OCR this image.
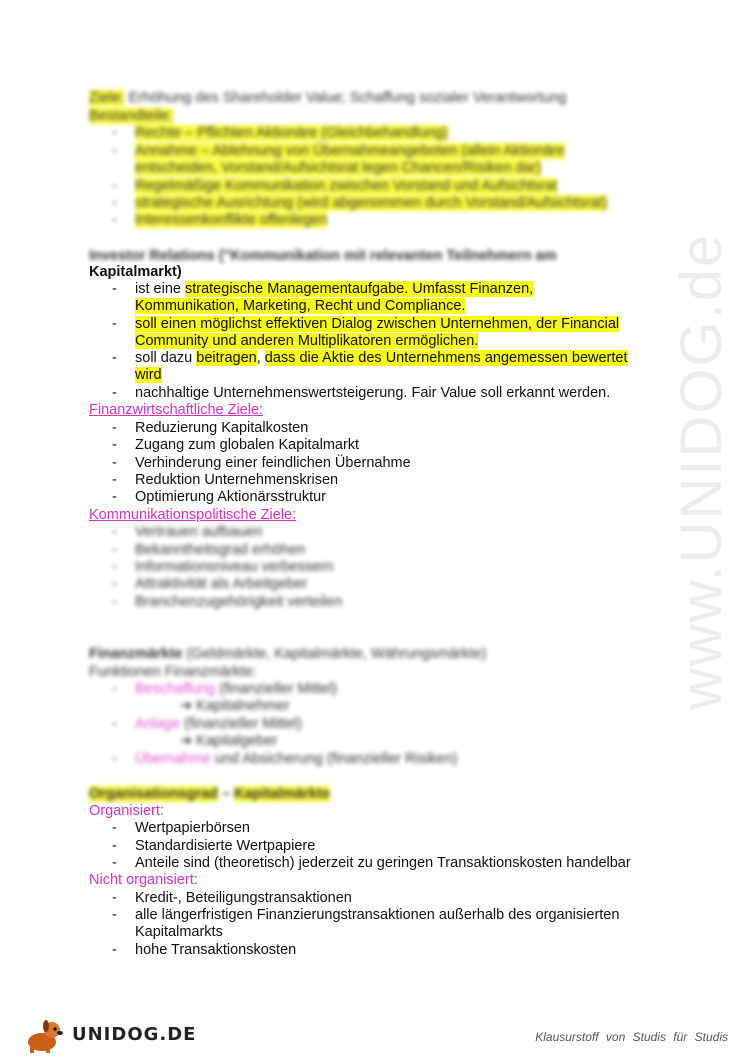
www.UNIDOG.de
Ziele: Erhöhung des Shareholder Value; Schaffung sozialer Verantwortung
Bestandteile:
- Rechte – Pflichten Aktionäre (Gleichbehandlung)
- Annahme – Ablehnung von Übernahmeangeboten (allein Aktionäre
entscheiden, Vorstand/Aufsichtsrat legen Chancen/Risiken dar)
- Regelmäßige Kommunikation zwischen Vorstand und Aufsichtsrat
- strategische Ausrichtung (wird abgenommen durch Vorstand/Aufsichtsrat)
- Interessenkonflikte offenlegen
Investor Relations ("Kommunikation mit relevanten Teilnehmern am
Kapitalmarkt)
- ist eine strategische Managementaufgabe. Umfasst Finanzen,
Kommunikation, Marketing, Recht und Compliance.
- soll einen möglichst effektiven Dialog zwischen Unternehmen, der Financial
Community und anderen Multiplikatoren ermöglichen.
- soll dazu beitragen, dass die Aktie des Unternehmens angemessen bewertet
wird
- nachhaltige Unternehmenswertsteigerung. Fair Value soll erkannt werden.
Finanzwirtschaftliche Ziele:
- Reduzierung Kapitalkosten
- Zugang zum globalen Kapitalmarkt
- Verhinderung einer feindlichen Übernahme
- Reduktion Unternehmenskrisen
- Optimierung Aktionärsstruktur
Kommunikationspolitische Ziele:
- Vertrauen aufbauen
- Bekanntheitsgrad erhöhen
- Informationsniveau verbessern
- Attraktivität als Arbeitgeber
- Branchenzugehörigkeit verteilen
Finanzmärkte (Geldmärkte, Kapitalmärkte, Währungsmärkte)
Funktionen Finanzmärkte:
- Beschaffung (finanzieller Mittel)
➔ Kapitalnehmer
- Anlage (finanzieller Mittel)
➔ Kapitalgeber
- Übernahme und Absicherung (finanzieller Risiken)
Organisationsgrad – Kapitalmärkte
Organisiert:
- Wertpapierbörsen
- Standardisierte Wertpapiere
- Anteile sind (theoretisch) jederzeit zu geringen Transaktionskosten handelbar
Nicht organisiert:
- Kredit-, Beteiligungstransaktionen
- alle längerfristigen Finanzierungstransaktionen außerhalb des organisierten
Kapitalmarkts
- hohe Transaktionskosten
UNIDOG.DE	Klausurstoff von Studis für Studis
